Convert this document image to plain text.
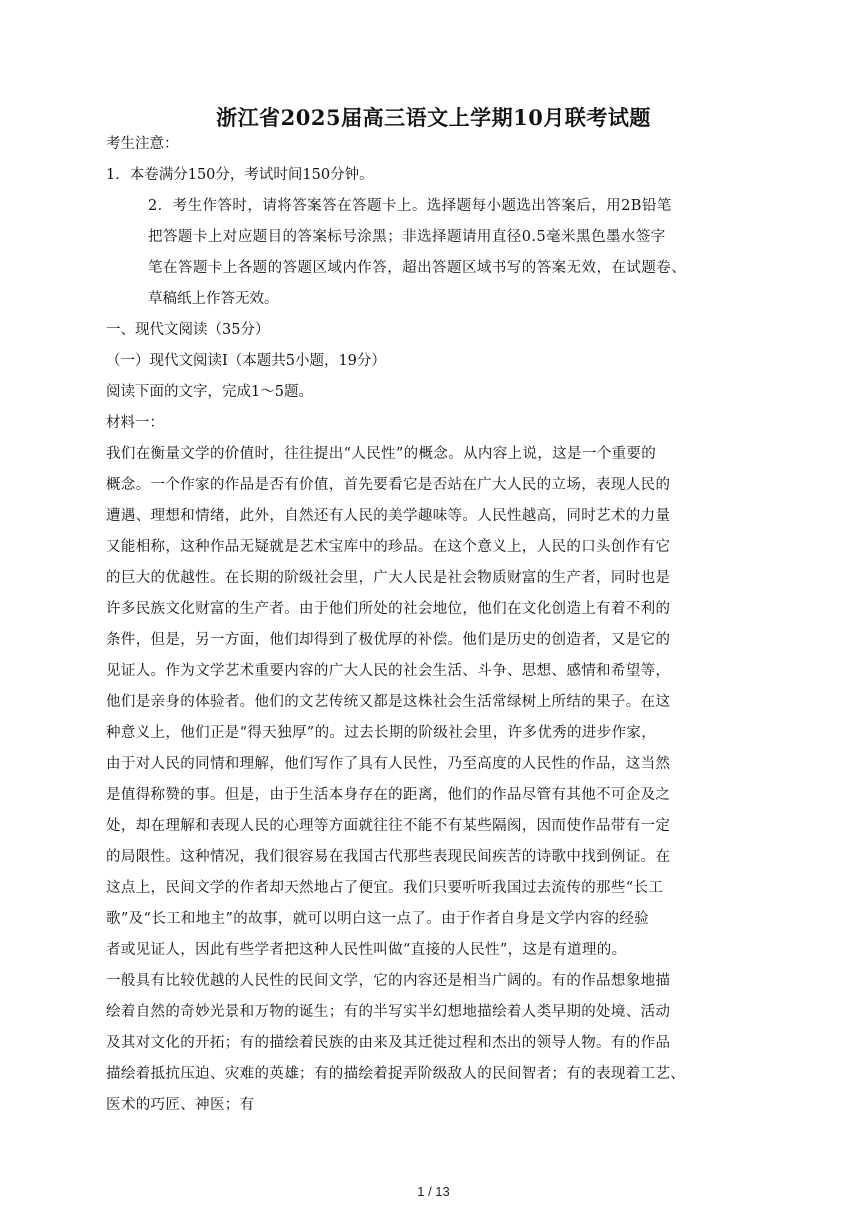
浙江省2025届高三语文上学期10月联考试题
考生注意：
1．本卷满分150分，考试时间150分钟。
2．考生作答时，请将答案答在答题卡上。选择题每小题选出答案后，用2B铅笔
把答题卡上对应题目的答案标号涂黑；非选择题请用直径0.5毫米黑色墨水签字
笔在答题卡上各题的答题区域内作答，超出答题区域书写的答案无效，在试题卷、
草稿纸上作答无效。
一、现代文阅读（35分）
（一）现代文阅读Ⅰ（本题共5小题，19分）
阅读下面的文字，完成1～5题。
材料一：
我们在衡量文学的价值时，往往提出“人民性”的概念。从内容上说，这是一个重要的
概念。一个作家的作品是否有价值，首先要看它是否站在广大人民的立场，表现人民的
遭遇、理想和情绪，此外，自然还有人民的美学趣味等。人民性越高，同时艺术的力量
又能相称，这种作品无疑就是艺术宝库中的珍品。在这个意义上，人民的口头创作有它
的巨大的优越性。在长期的阶级社会里，广大人民是社会物质财富的生产者，同时也是
许多民族文化财富的生产者。由于他们所处的社会地位，他们在文化创造上有着不利的
条件，但是，另一方面，他们却得到了极优厚的补偿。他们是历史的创造者，又是它的
见证人。作为文学艺术重要内容的广大人民的社会生活、斗争、思想、感情和希望等，
他们是亲身的体验者。他们的文艺传统又都是这株社会生活常绿树上所结的果子。在这
种意义上，他们正是“得天独厚”的。过去长期的阶级社会里，许多优秀的进步作家，
由于对人民的同情和理解，他们写作了具有人民性，乃至高度的人民性的作品，这当然
是值得称赞的事。但是，由于生活本身存在的距离，他们的作品尽管有其他不可企及之
处，却在理解和表现人民的心理等方面就往往不能不有某些隔阂，因而使作品带有一定
的局限性。这种情况，我们很容易在我国古代那些表现民间疾苦的诗歌中找到例证。在
这点上，民间文学的作者却天然地占了便宜。我们只要听听我国过去流传的那些“长工
歌”及“长工和地主”的故事，就可以明白这一点了。由于作者自身是文学内容的经验
者或见证人，因此有些学者把这种人民性叫做“直接的人民性”，这是有道理的。
一般具有比较优越的人民性的民间文学，它的内容还是相当广阔的。有的作品想象地描
绘着自然的奇妙光景和万物的诞生；有的半写实半幻想地描绘着人类早期的处境、活动
及其对文化的开拓；有的描绘着民族的由来及其迁徙过程和杰出的领导人物。有的作品
描绘着抵抗压迫、灾难的英雄；有的描绘着捉弄阶级敌人的民间智者；有的表现着工艺、
医术的巧匠、神医；有
1 / 13
